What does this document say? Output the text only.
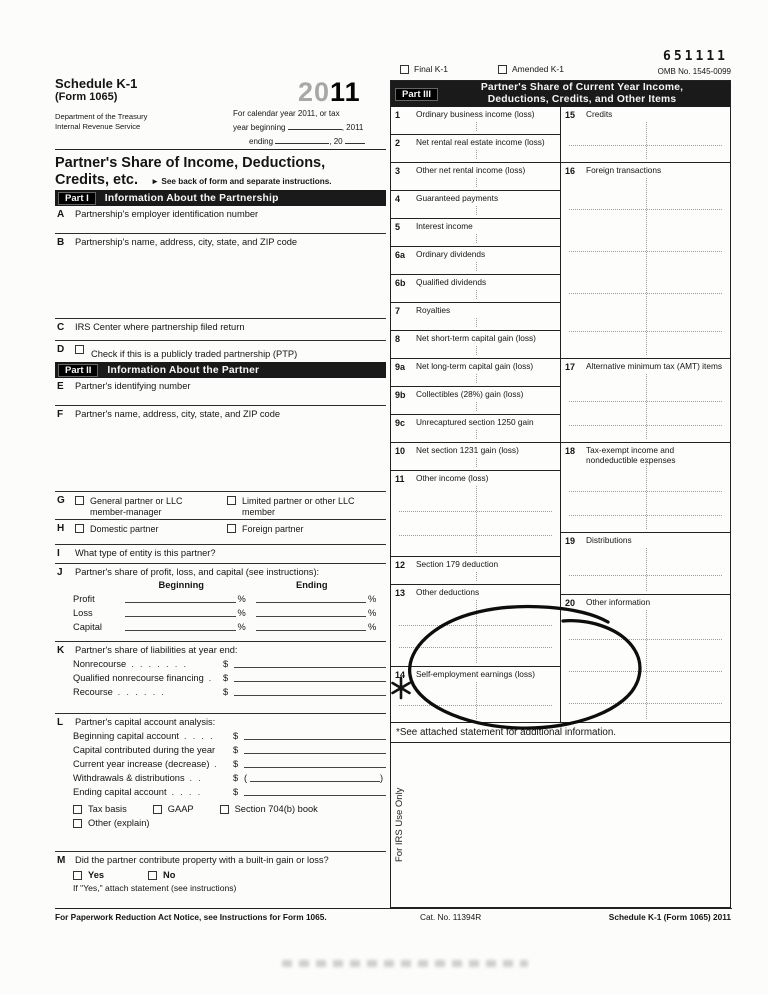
651111
OMB No. 1545-0099
Final K-1	Amended K-1
Schedule K-1
(Form 1065)	2011
Department of the Treasury
Internal Revenue Service
For calendar year 2011, or tax
year beginning	, 2011
ending	, 20
Partner's Share of Income, Deductions,
Credits, etc. ► See back of form and separate instructions.
Part I	Information About the Partnership
A Partnership's employer identification number
B Partnership's name, address, city, state, and ZIP code
C IRS Center where partnership filed return
D	Check if this is a publicly traded partnership (PTP)
Part II	Information About the Partner
E Partner's identifying number
F Partner's name, address, city, state, and ZIP code
G	General partner or LLC
member-manager
Limited partner or other LLC
member
H	Domestic partner	Foreign partner
I What type of entity is this partner?
J Partner's share of profit, loss, and capital (see instructions):
Beginning	Ending
Profit	%	%
Loss	%	%
Capital	%	%
K Partner's share of liabilities at year end:
Nonrecourse . . . . . . .	$
Qualified nonrecourse financing . $
Recourse . . . . . .	$
L Partner's capital account analysis:
Beginning capital account . . . . $
Capital contributed during the year $
Current year increase (decrease) . $
Withdrawals & distributions . .	$ (	)
Ending capital account . . . .	$
Tax basis	GAAP	Section 704(b) book
Other (explain)
M Did the partner contribute property with a built-in gain or loss?
Yes	No
If "Yes," attach statement (see instructions)
Part III
Partner's Share of Current Year Income,
Deductions, Credits, and Other Items
1	Ordinary business income (loss)
2	Net rental real estate income (loss)
3	Other net rental income (loss)
4	Guaranteed payments
5	Interest income
6a	Ordinary dividends
6b	Qualified dividends
7	Royalties
8	Net short-term capital gain (loss)
9a	Net long-term capital gain (loss)
9b	Collectibles (28%) gain (loss)
9c	Unrecaptured section 1250 gain
10	Net section 1231 gain (loss)
11	Other income (loss)
12	Section 179 deduction
13	Other deductions
14	Self-employment earnings (loss)
15	Credits
16	Foreign transactions
17	Alternative minimum tax (AMT) items
18	Tax-exempt income and nondeductible expenses
19	Distributions
20	Other information
*See attached statement for additional information.
For IRS Use Only
For Paperwork Reduction Act Notice, see Instructions for Form 1065.	Cat. No. 11394R	Schedule K-1 (Form 1065) 2011
